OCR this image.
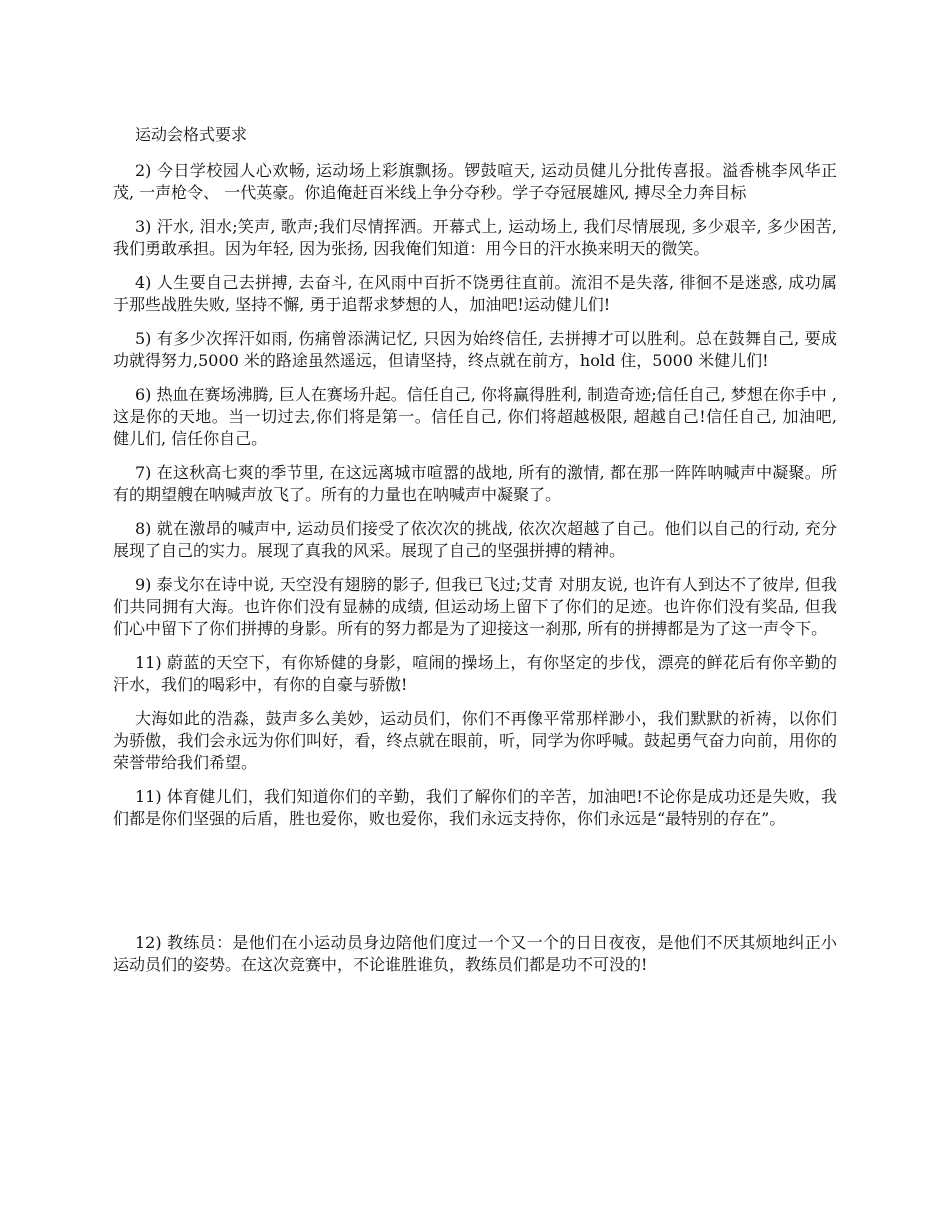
运动会格式要求

2) 今日学校园人心欢畅, 运动场上彩旗飘扬。锣鼓喧天, 运动员健儿分批传喜报。溢香桃李风华正茂, 一声枪令、 一代英豪。你追俺赶百米线上争分夺秒。学子夺冠展雄风, 搏尽全力奔目标

3) 汗水, 泪水;笑声, 歌声;我们尽情挥洒。开幕式上, 运动场上, 我们尽情展现, 多少艰辛, 多少困苦, 我们勇敢承担。因为年轻, 因为张扬, 因我俺们知道：用今日的汗水换来明天的微笑。

4) 人生要自己去拼搏, 去奋斗, 在风雨中百折不饶勇往直前。流泪不是失落, 徘徊不是迷惑, 成功属于那些战胜失败, 坚持不懈, 勇于追帮求梦想的人，加油吧!运动健儿们!

5) 有多少次挥汗如雨, 伤痛曾添满记忆, 只因为始终信任, 去拼搏才可以胜利。总在鼓舞自己, 要成功就得努力,5000 米的路途虽然遥远，但请坚持，终点就在前方，hold 住，5000 米健儿们!

6) 热血在赛场沸腾, 巨人在赛场升起。信任自己, 你将赢得胜利, 制造奇迹;信任自己, 梦想在你手中 , 这是你的天地。当一切过去,你们将是第一。信任自己, 你们将超越极限, 超越自己!信任自己, 加油吧, 健儿们, 信任你自己。

7) 在这秋高七爽的季节里, 在这远离城市喧嚣的战地, 所有的激情, 都在那一阵阵呐喊声中凝聚。所有的期望艘在呐喊声放飞了。所有的力量也在呐喊声中凝聚了。

8) 就在激昂的喊声中, 运动员们接受了依次次的挑战, 依次次超越了自己。他们以自己的行动, 充分展现了自己的实力。展现了真我的风采。展现了自己的坚强拼搏的精神。

9) 泰戈尔在诗中说, 天空没有翅膀的影子, 但我已飞过;艾青 对朋友说, 也许有人到达不了彼岸, 但我们共同拥有大海。也许你们没有显赫的成绩, 但运动场上留下了你们的足迹。也许你们没有奖品, 但我们心中留下了你们拼搏的身影。所有的努力都是为了迎接这一刹那, 所有的拼搏都是为了这一声令下。

11) 蔚蓝的天空下，有你矫健的身影，喧闹的操场上，有你坚定的步伐，漂亮的鲜花后有你辛勤的汗水，我们的喝彩中，有你的自豪与骄傲!

大海如此的浩淼，鼓声多么美妙，运动员们，你们不再像平常那样渺小，我们默默的祈祷，以你们为骄傲，我们会永远为你们叫好，看，终点就在眼前，听，同学为你呼喊。鼓起勇气奋力向前，用你的荣誉带给我们希望。

11) 体育健儿们，我们知道你们的辛勤，我们了解你们的辛苦，加油吧!不论你是成功还是失败，我们都是你们坚强的后盾，胜也爱你，败也爱你，我们永远支持你，你们永远是“最特别的存在”。

12) 教练员：是他们在小运动员身边陪他们度过一个又一个的日日夜夜，是他们不厌其烦地纠正小运动员们的姿势。在这次竞赛中，不论谁胜谁负，教练员们都是功不可没的!
